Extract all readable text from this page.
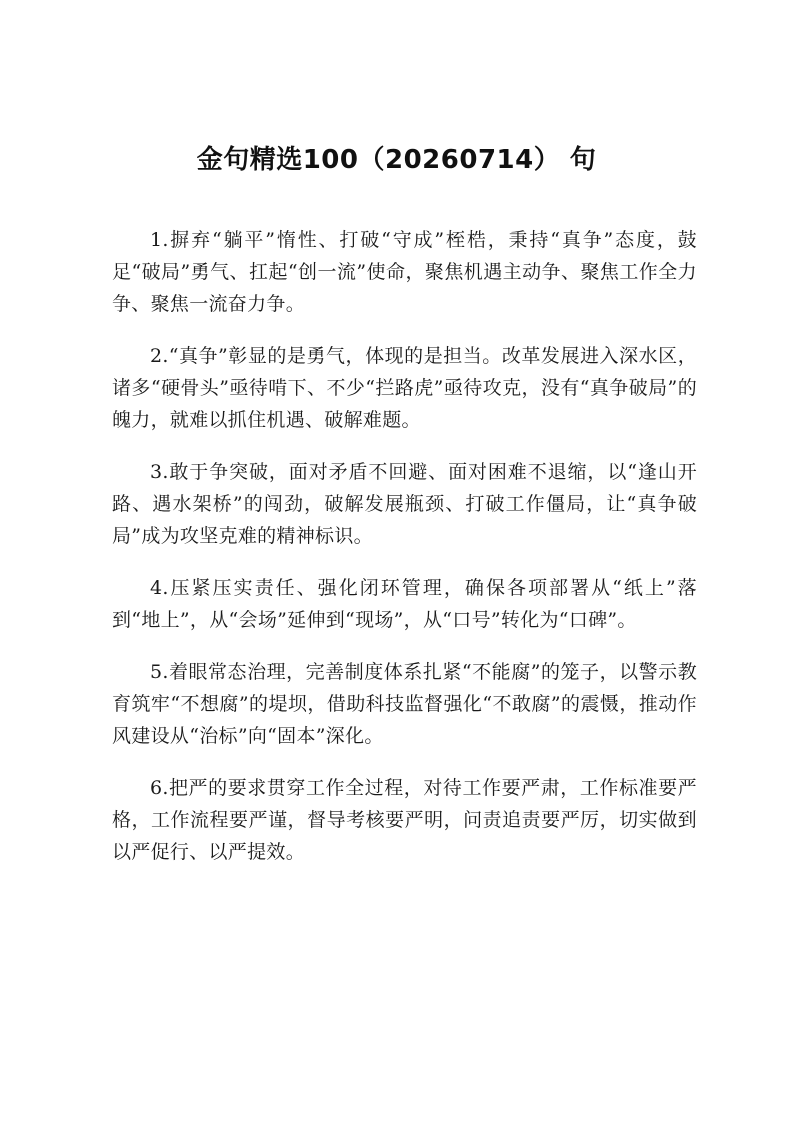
金句精选100（20260714） 句

1.摒弃“躺平”惰性、打破“守成”桎梏，秉持“真争”态度，鼓足“破局”勇气、扛起“创一流”使命，聚焦机遇主动争、聚焦工作全力争、聚焦一流奋力争。

2.“真争”彰显的是勇气，体现的是担当。改革发展进入深水区，诸多“硬骨头”亟待啃下、不少“拦路虎”亟待攻克，没有“真争破局”的魄力，就难以抓住机遇、破解难题。

3.敢于争突破，面对矛盾不回避、面对困难不退缩，以“逢山开路、遇水架桥”的闯劲，破解发展瓶颈、打破工作僵局，让“真争破局”成为攻坚克难的精神标识。

4.压紧压实责任、强化闭环管理，确保各项部署从“纸上”落到“地上”，从“会场”延伸到“现场”，从“口号”转化为“口碑”。

5.着眼常态治理，完善制度体系扎紧“不能腐”的笼子，以警示教育筑牢“不想腐”的堤坝，借助科技监督强化“不敢腐”的震慑，推动作风建设从“治标”向“固本”深化。

6.把严的要求贯穿工作全过程，对待工作要严肃，工作标准要严格，工作流程要严谨，督导考核要严明，问责追责要严厉，切实做到以严促行、以严提效。
